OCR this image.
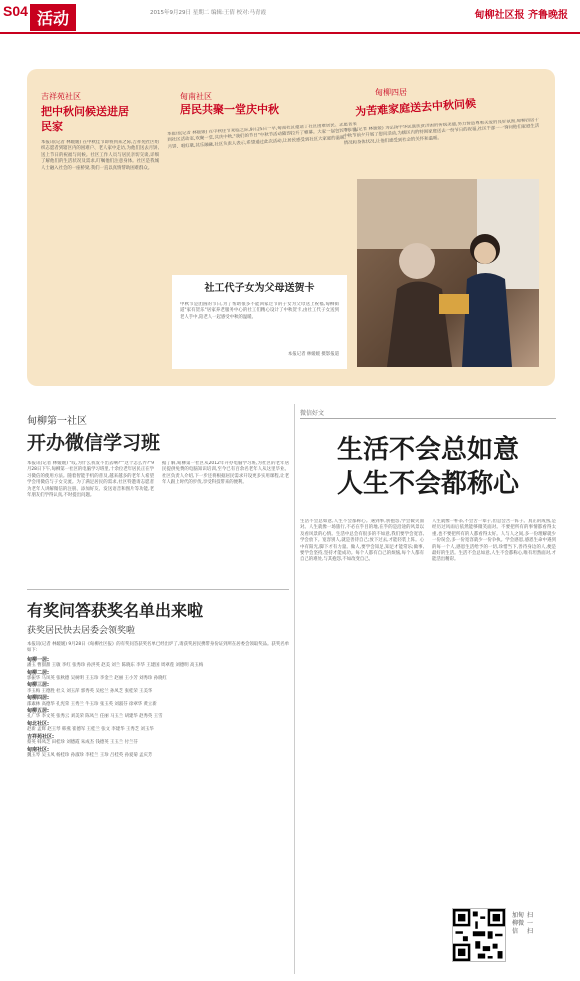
S04 活动	2015年9月29日 星期二 编辑:王倩 校对:马青霞	甸柳社区报 齐鲁晚报
吉祥苑社区
把中秋问候送进居民家
本报讯(记者 林媛媛) 在中秋佳节即将到来之际,吉祥苑社区组织志愿者到辖区内的困难户、老人家中走访,为他们送去月饼,送上节日的祝福与问候。社区工作人员与居民亲切交谈,详细了解他们的生活状况及需求,叮嘱他们注意身体。社区是我城人士融入社会的一座桥梁,我们一直以真情帮助困难群众。
甸南社区
居民共聚一堂庆中秋
本报讯(记者 林媛媛) 在中秋佳节来临之际,9月25日一早,甸南社区邀请了社区困难居民、志愿者来到社区活动室,欢聚一堂,共庆中秋,"我们的节日"中秋节活动随即拉开了帷幕。大家一起包饺子、品月饼、唱红歌,其乐融融,社区负责人表示,希望通过此次活动,让居民感受到社区大家庭的温暖。
甸柳四居
为苦难家庭送去中秋问候
本报讯(记者 林媛媛) 为弘扬中华民族扶贫济困的传统美德,努力营造尊重关爱的良好氛围,甸柳四居于中秋节前夕开展了慰问活动,为辖区内的特困家庭送去一份节日的祝福,社区干部一一询问他们家庭生活情况和身体状况,让他们感受到社会的关怀和温暖。
社工代子女为父母送贺卡
中秋节是团圆的节日,为了帮助很多不能回家过节的子女为父母送上祝福,甸柳街道"家有贺乐"居家养老服务中心的社工们精心设计了中秋贺卡,由社工代子女送到老人手中,陪老人一起感受中秋的温暖。
本报记者 林媛媛 摄影报道
甸柳第一社区
开办微信学习班
本报讯(记者 林媛媛) "哎,为什么我发不出去啊?""这个怎么弄?"9月28日下午,甸柳第一社区的电脑学习班里,十余位老年居民正在学习微信的使用方法。随着智能手机的普及,越来越多的老年人希望学会用微信与子女交流。为了满足居民的需求,社区特邀请志愿者为老年人讲解微信的注册、添加好友、发送语音和图片等功能,老年朋友们学得认真,不时提出问题。
据了解,甸柳第一社区从2012年开办电脑学习班,为社区的老年居民提供免费的电脑知识培训,至今已有百余名老年人从这里毕业。社区负责人介绍,下一步还将根据居民需求开设更多实用课程,让老年人跟上时代的步伐,享受科技带来的便利。
有奖问答获奖名单出来啦
获奖居民快去居委会领奖啦
本报讯(记者 林媛媛) 9月28日《甸柳社区报》的有奖问答获奖名单已经出炉了,请获奖居民携带身份证到所在居委会领取奖品。获奖名单如下:
甸柳一居:
潘玉 曹甜甜 王敏 李红 张秀珍 孙洪英 赵美 刘兰 陈晓东 李华 王建国 周翠莲 刘德明 高玉梅
甸柳二居:
郭振华 马凤英 张秋德 吴树明 王玉珍 李金兰 赵丽 王小芳 刘秀珍 孙晓红
甸柳三居:
李玉梅 王德胜 杜义 刘玉萍 郭秀英 吴松兰 孙凤芝 张桂荣 王美华
甸柳四居:
邵素林 高德华 孔宪荣 王秀兰 牛玉珍 张玉英 刘淑芬 徐翠华 黄立新
甸柳五居:
孔广华 李文英 张秀云 刘美荣 陈凤兰 任丽 马玉兰 胡建华 赵秀英 王雪
甸北社区:
赵新 孟辉 赵王琴 韩燕 崔德军 王桂兰 张文 李建华 王秀芝 刘玉华
吉祥苑社区:
蔡英 韩凤芝 田桂珍 刘德霞 朱成杰 钱德英 王玉兰 付兰芬
甸南社区:
魏玉琴 吴玉凤 杨桂珍 孙淑珍 李桂兰 王珍 吕桂英 孙爱菊 孟庆芳
微信好文
生活不会总如意
人生不会都称心
生活不会总如意,人生不会都称心。遇到事,别抱怨,学会微笑面对。人生就像一场旅行,不必在乎目的地,在乎的是沿途的风景以及看风景的心情。生活中总会有很多的不如意,我们要学会宽容,学会放下。宽容别人,就是善待自己;放下过去,才能轻装上阵。心中有阳光,脚下才有力量。做人,要学会知足,知足才能常乐;做事,要学会坚持,坚持才能成功。每个人都有自己的烦恼,每个人都有自己的难处,与其抱怨,不如改变自己。
人生就像一杯茶,不会苦一辈子,但总会苦一阵子。真正的成熟,是经历过风雨后依然能够微笑面对。不要把所有的事情都看得太重,也不要把所有的人都看得太好。人与人之间,多一份理解就少一份误会,多一份宽容就少一份争执。学会感恩,感恩生命中遇到的每一个人,感恩生活给予的一切,珍惜当下,善待身边的人,便是最好的生活。生活不会总如意,人生不会都称心,唯有坦然面对,才能活出精彩。
加甸柳微信
扫一扫
